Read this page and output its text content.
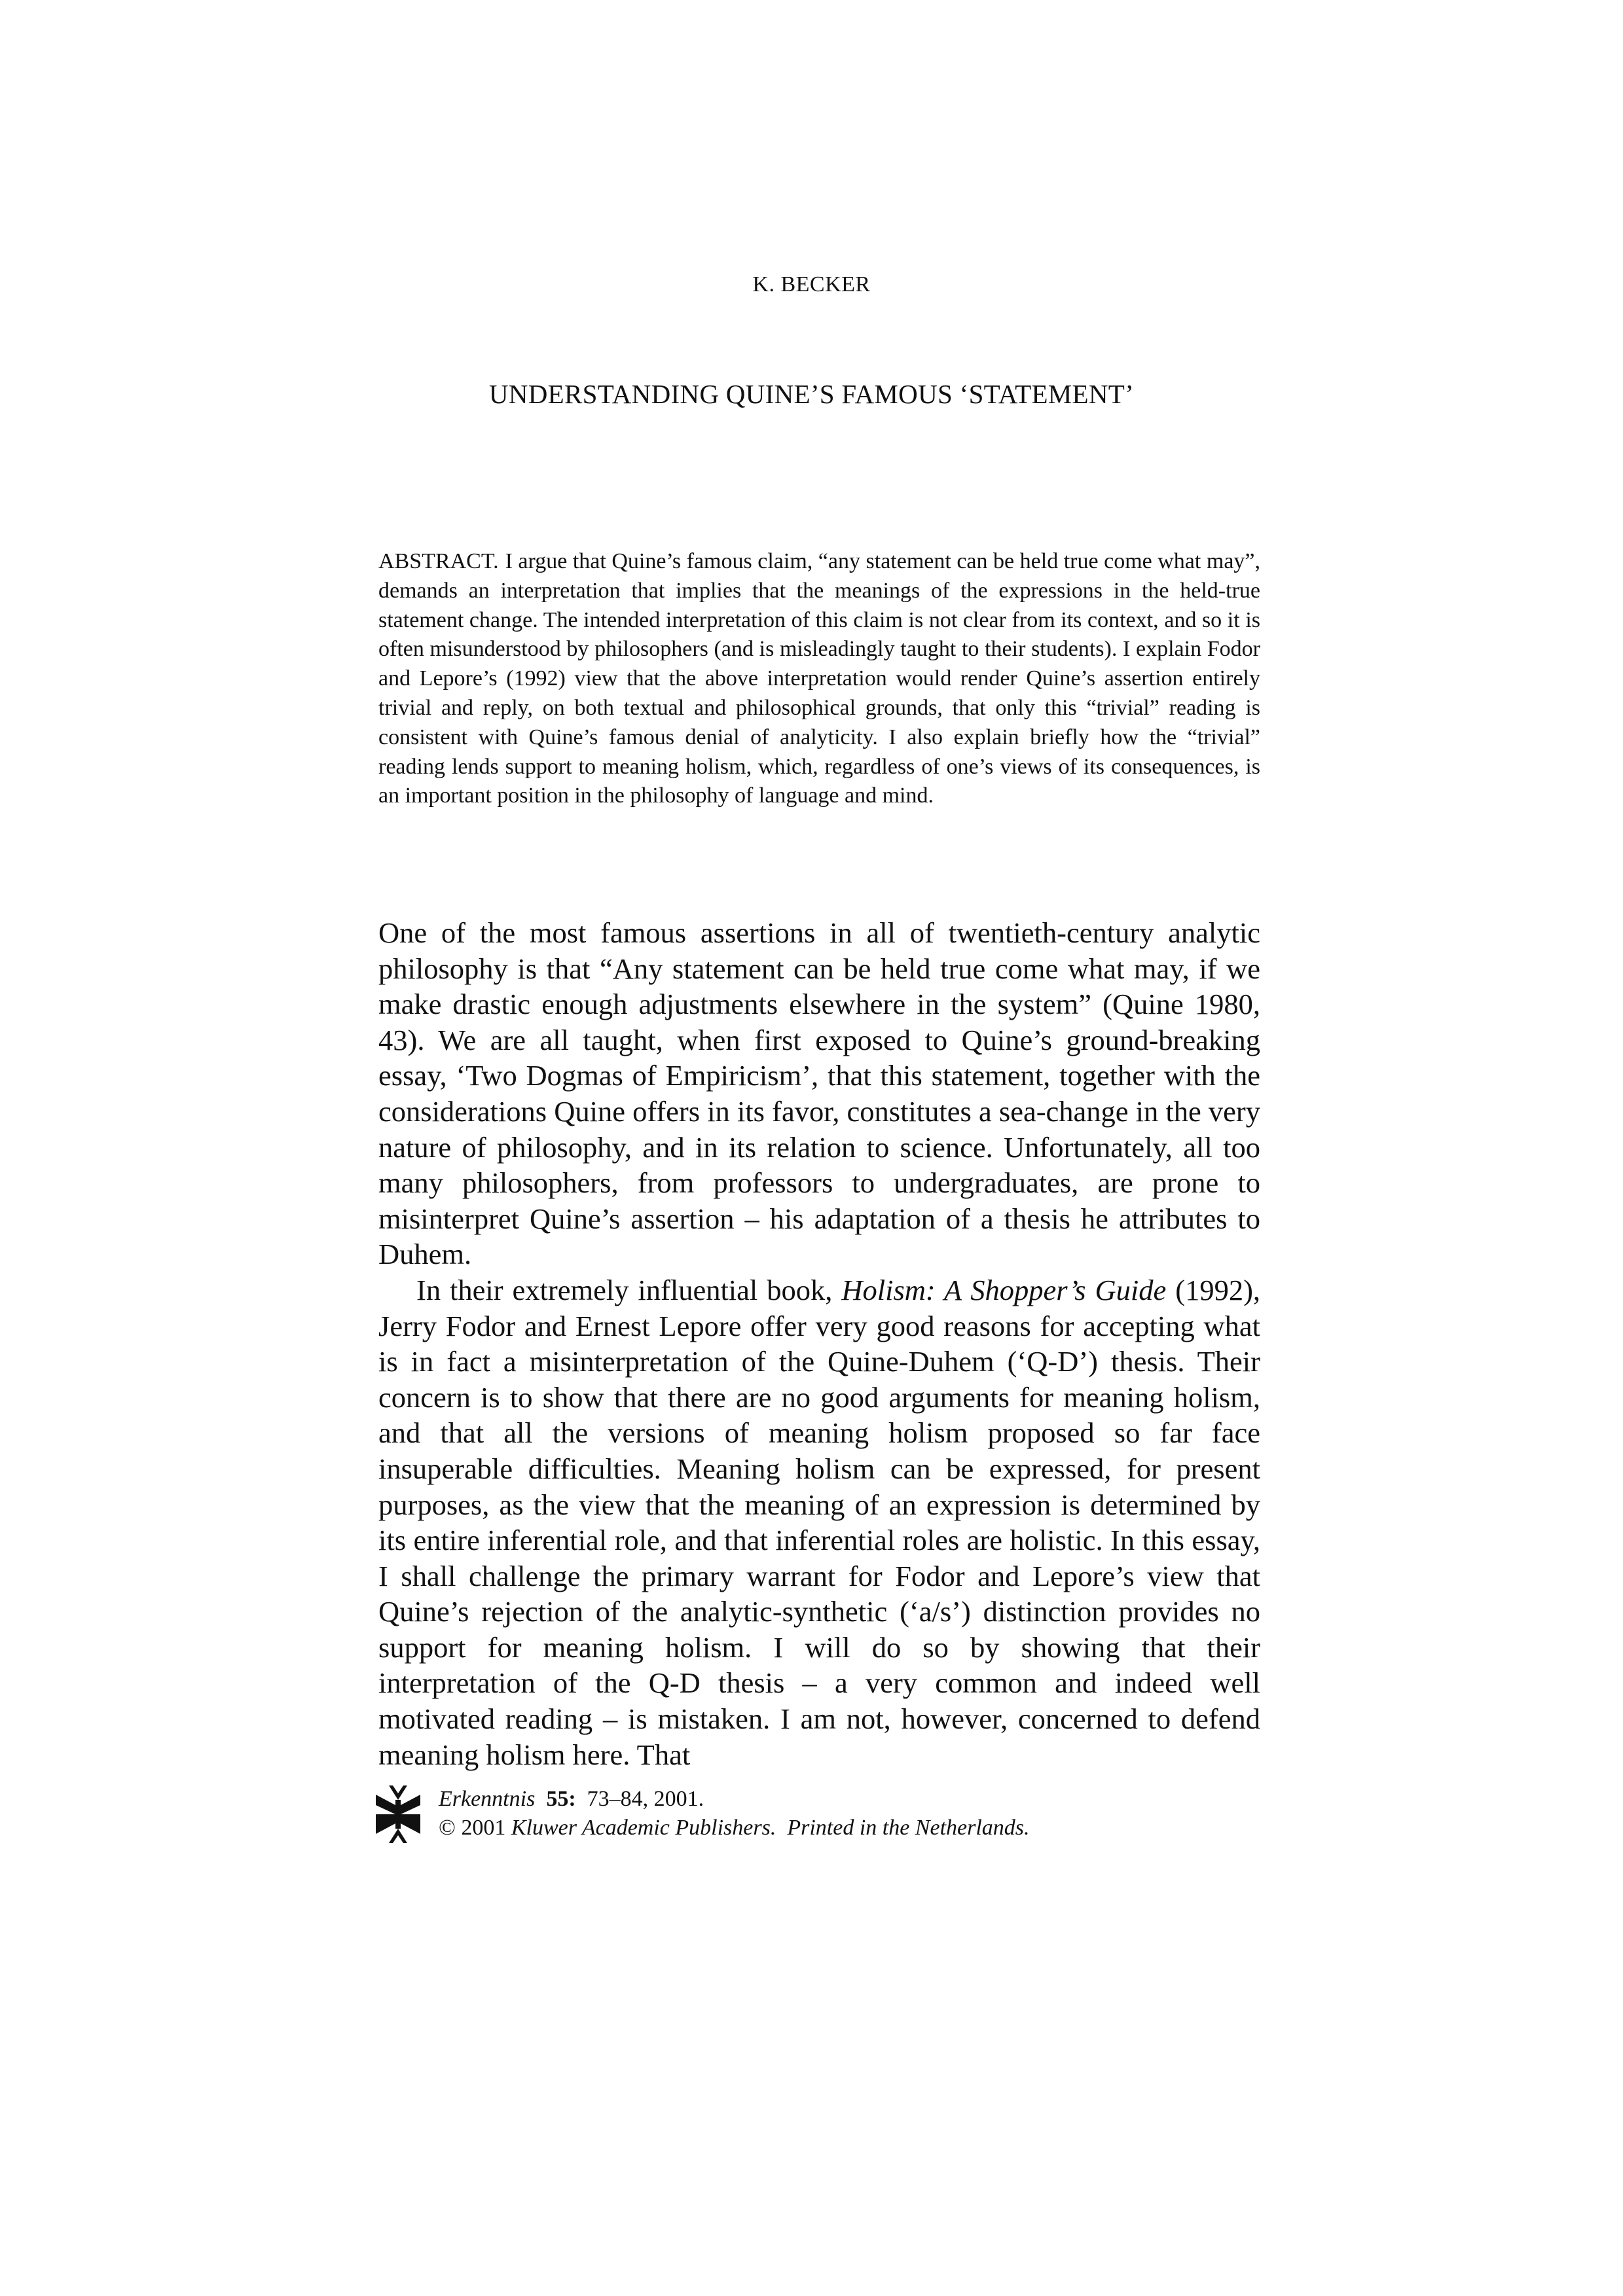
K. BECKER
UNDERSTANDING QUINE’S FAMOUS ‘STATEMENT’

ABSTRACT. I argue that Quine’s famous claim, “any statement can be held true come what may”, demands an interpretation that implies that the meanings of the expressions in the held-true statement change. The intended interpretation of this claim is not clear from its context, and so it is often misunderstood by philosophers (and is misleadingly taught to their students). I explain Fodor and Lepore’s (1992) view that the above interpretation would render Quine’s assertion entirely trivial and reply, on both textual and philosophical grounds, that only this “trivial” reading is consistent with Quine’s famous denial of analyticity. I also explain briefly how the “trivial” reading lends support to meaning holism, which, regardless of one’s views of its consequences, is an important position in the philosophy of language and mind.

One of the most famous assertions in all of twentieth-century analytic philosophy is that “Any statement can be held true come what may, if we make drastic enough adjustments elsewhere in the system” (Quine 1980, 43). We are all taught, when first exposed to Quine’s ground-breaking essay, ‘Two Dogmas of Empiricism’, that this statement, together with the considerations Quine offers in its favor, constitutes a sea-change in the very nature of philosophy, and in its relation to science. Unfortunately, all too many philosophers, from professors to undergraduates, are prone to misinterpret Quine’s assertion – his adaptation of a thesis he attributes to Duhem.

In their extremely influential book, Holism: A Shopper’s Guide (1992), Jerry Fodor and Ernest Lepore offer very good reasons for accepting what is in fact a misinterpretation of the Quine-Duhem (‘Q-D’) thesis. Their concern is to show that there are no good arguments for meaning holism, and that all the versions of meaning holism proposed so far face insuperable difficulties. Meaning holism can be expressed, for present purposes, as the view that the meaning of an expression is determined by its entire inferential role, and that inferential roles are holistic. In this essay, I shall challenge the primary warrant for Fodor and Lepore’s view that Quine’s rejection of the analytic-synthetic (‘a/s’) distinction provides no support for meaning holism. I will do so by showing that their interpretation of the Q-D thesis – a very common and indeed well motivated reading – is mistaken. I am not, however, concerned to defend meaning holism here. That

Erkenntnis 55: 73–84, 2001.
© 2001 Kluwer Academic Publishers. Printed in the Netherlands.
